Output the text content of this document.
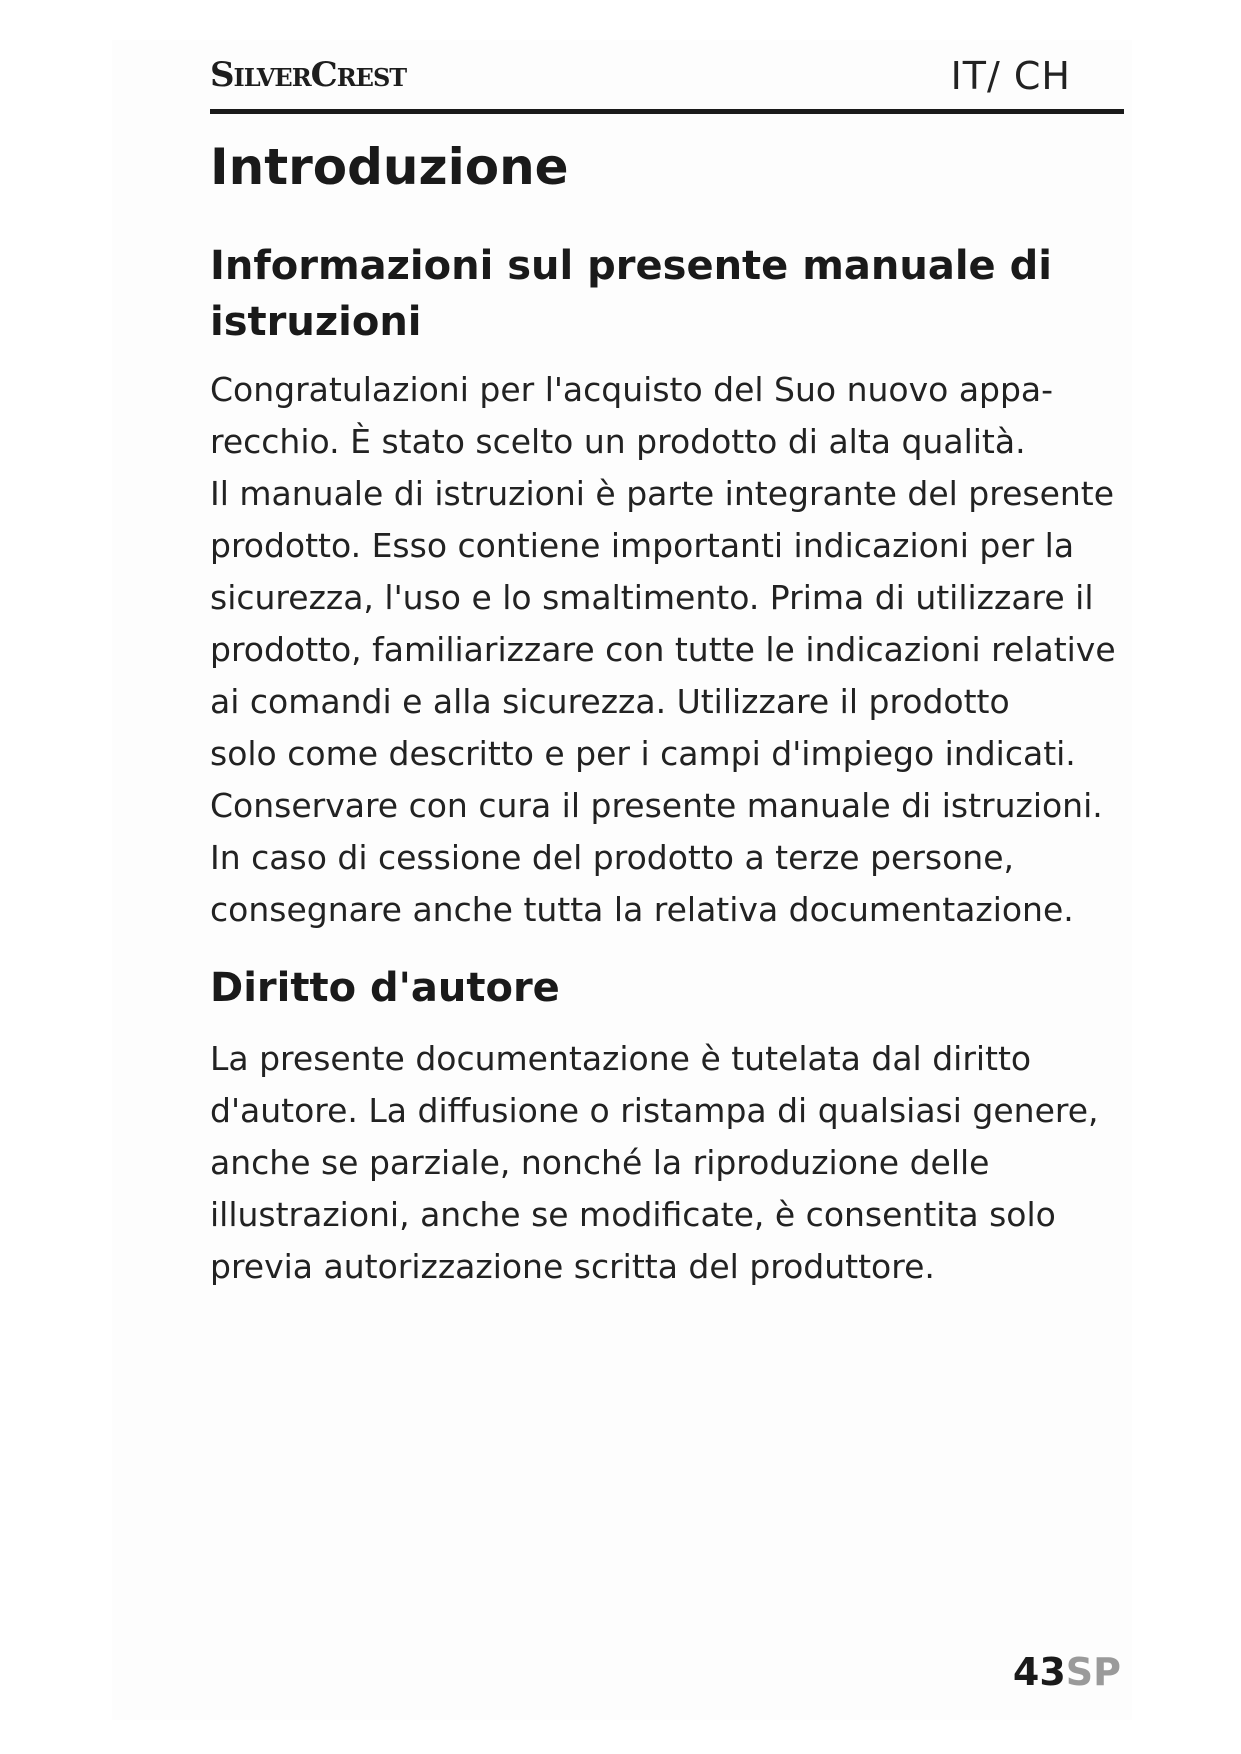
SilverCrest	IT/ CH
Introduzione
Informazioni sul presente manuale di
istruzioni
Congratulazioni per l'acquisto del Suo nuovo appa-
recchio. È stato scelto un prodotto di alta qualità.
Il manuale di istruzioni è parte integrante del presente
prodotto. Esso contiene importanti indicazioni per la
sicurezza, l'uso e lo smaltimento. Prima di utilizzare il
prodotto, familiarizzare con tutte le indicazioni relative
ai comandi e alla sicurezza. Utilizzare il prodotto
solo come descritto e per i campi d'impiego indicati.
Conservare con cura il presente manuale di istruzioni.
In caso di cessione del prodotto a terze persone,
consegnare anche tutta la relativa documentazione.
Diritto d'autore
La presente documentazione è tutelata dal diritto
d'autore. La diffusione o ristampa di qualsiasi genere,
anche se parziale, nonché la riproduzione delle
illustrazioni, anche se modificate, è consentita solo
previa autorizzazione scritta del produttore.
43SP
